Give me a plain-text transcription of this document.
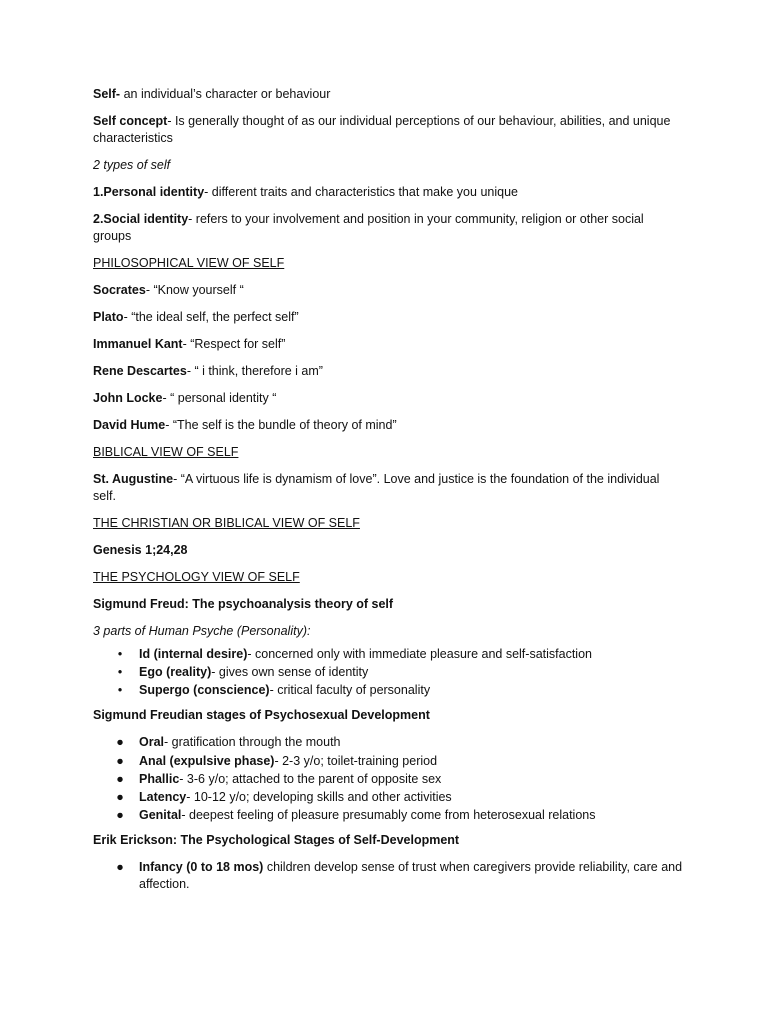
Self- an individual’s character or behaviour

Self concept- Is generally thought of as our individual perceptions of our behaviour, abilities, and unique characteristics

2 types of self

1.Personal identity- different traits and characteristics that make you unique

2.Social identity- refers to your involvement and position in your community, religion or other social groups

PHILOSOPHICAL VIEW OF SELF

Socrates- “Know yourself “

Plato- “the ideal self, the perfect self”

Immanuel Kant- “Respect for self”

Rene Descartes- “ i think, therefore i am”

John Locke- “ personal identity “

David Hume- “The self is the bundle of theory of mind”

BIBLICAL VIEW OF SELF

St. Augustine- “A virtuous life is dynamism of love”. Love and justice is the foundation of the individual self.

THE CHRISTIAN OR BIBLICAL VIEW OF SELF

Genesis 1;24,28

THE PSYCHOLOGY VIEW OF SELF

Sigmund Freud: The psychoanalysis theory of self

3 parts of Human Psyche (Personality):

• Id (internal desire)- concerned only with immediate pleasure and self-satisfaction
• Ego (reality)- gives own sense of identity
• Supergo (conscience)- critical faculty of personality

Sigmund Freudian stages of Psychosexual Development

● Oral- gratification through the mouth
● Anal (expulsive phase)- 2-3 y/o; toilet-training period
● Phallic- 3-6 y/o; attached to the parent of opposite sex
● Latency- 10-12 y/o; developing skills and other activities
● Genital- deepest feeling of pleasure presumably come from heterosexual relations

Erik Erickson: The Psychological Stages of Self-Development

● Infancy (0 to 18 mos) children develop sense of trust when caregivers provide reliability, care and affection.
